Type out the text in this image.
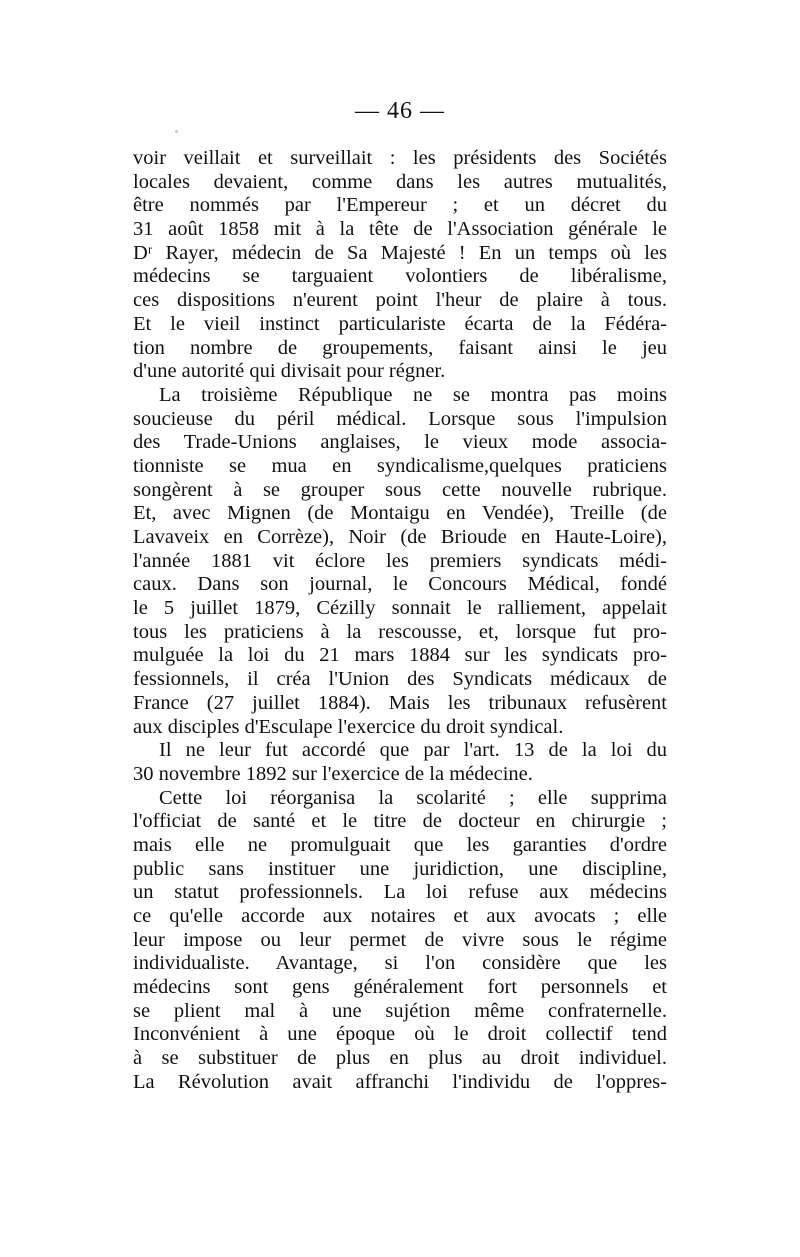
— 46 —
voir veillait et surveillait : les présidents des Sociétés
locales devaient, comme dans les autres mutualités,
être nommés par l'Empereur ; et un décret du
31 août 1858 mit à la tête de l'Association générale le
Dʳ Rayer, médecin de Sa Majesté ! En un temps où les
médecins se targuaient volontiers de libéralisme,
ces dispositions n'eurent point l'heur de plaire à tous.
Et le vieil instinct particulariste écarta de la Fédéra-
tion nombre de groupements, faisant ainsi le jeu
d'une autorité qui divisait pour régner.
La troisième République ne se montra pas moins
soucieuse du péril médical. Lorsque sous l'impulsion
des Trade-Unions anglaises, le vieux mode associa-
tionniste se mua en syndicalisme,quelques praticiens
songèrent à se grouper sous cette nouvelle rubrique.
Et, avec Mignen (de Montaigu en Vendée), Treille (de
Lavaveix en Corrèze), Noir (de Brioude en Haute-Loire),
l'année 1881 vit éclore les premiers syndicats médi-
caux. Dans son journal, le Concours Médical, fondé
le 5 juillet 1879, Cézilly sonnait le ralliement, appelait
tous les praticiens à la rescousse, et, lorsque fut pro-
mulguée la loi du 21 mars 1884 sur les syndicats pro-
fessionnels, il créa l'Union des Syndicats médicaux de
France (27 juillet 1884). Mais les tribunaux refusèrent
aux disciples d'Esculape l'exercice du droit syndical.
Il ne leur fut accordé que par l'art. 13 de la loi du
30 novembre 1892 sur l'exercice de la médecine.
Cette loi réorganisa la scolarité ; elle supprima
l'officiat de santé et le titre de docteur en chirurgie ;
mais elle ne promulguait que les garanties d'ordre
public sans instituer une juridiction, une discipline,
un statut professionnels. La loi refuse aux médecins
ce qu'elle accorde aux notaires et aux avocats ; elle
leur impose ou leur permet de vivre sous le régime
individualiste. Avantage, si l'on considère que les
médecins sont gens généralement fort personnels et
se plient mal à une sujétion même confraternelle.
Inconvénient à une époque où le droit collectif tend
à se substituer de plus en plus au droit individuel.
La Révolution avait affranchi l'individu de l'oppres-
